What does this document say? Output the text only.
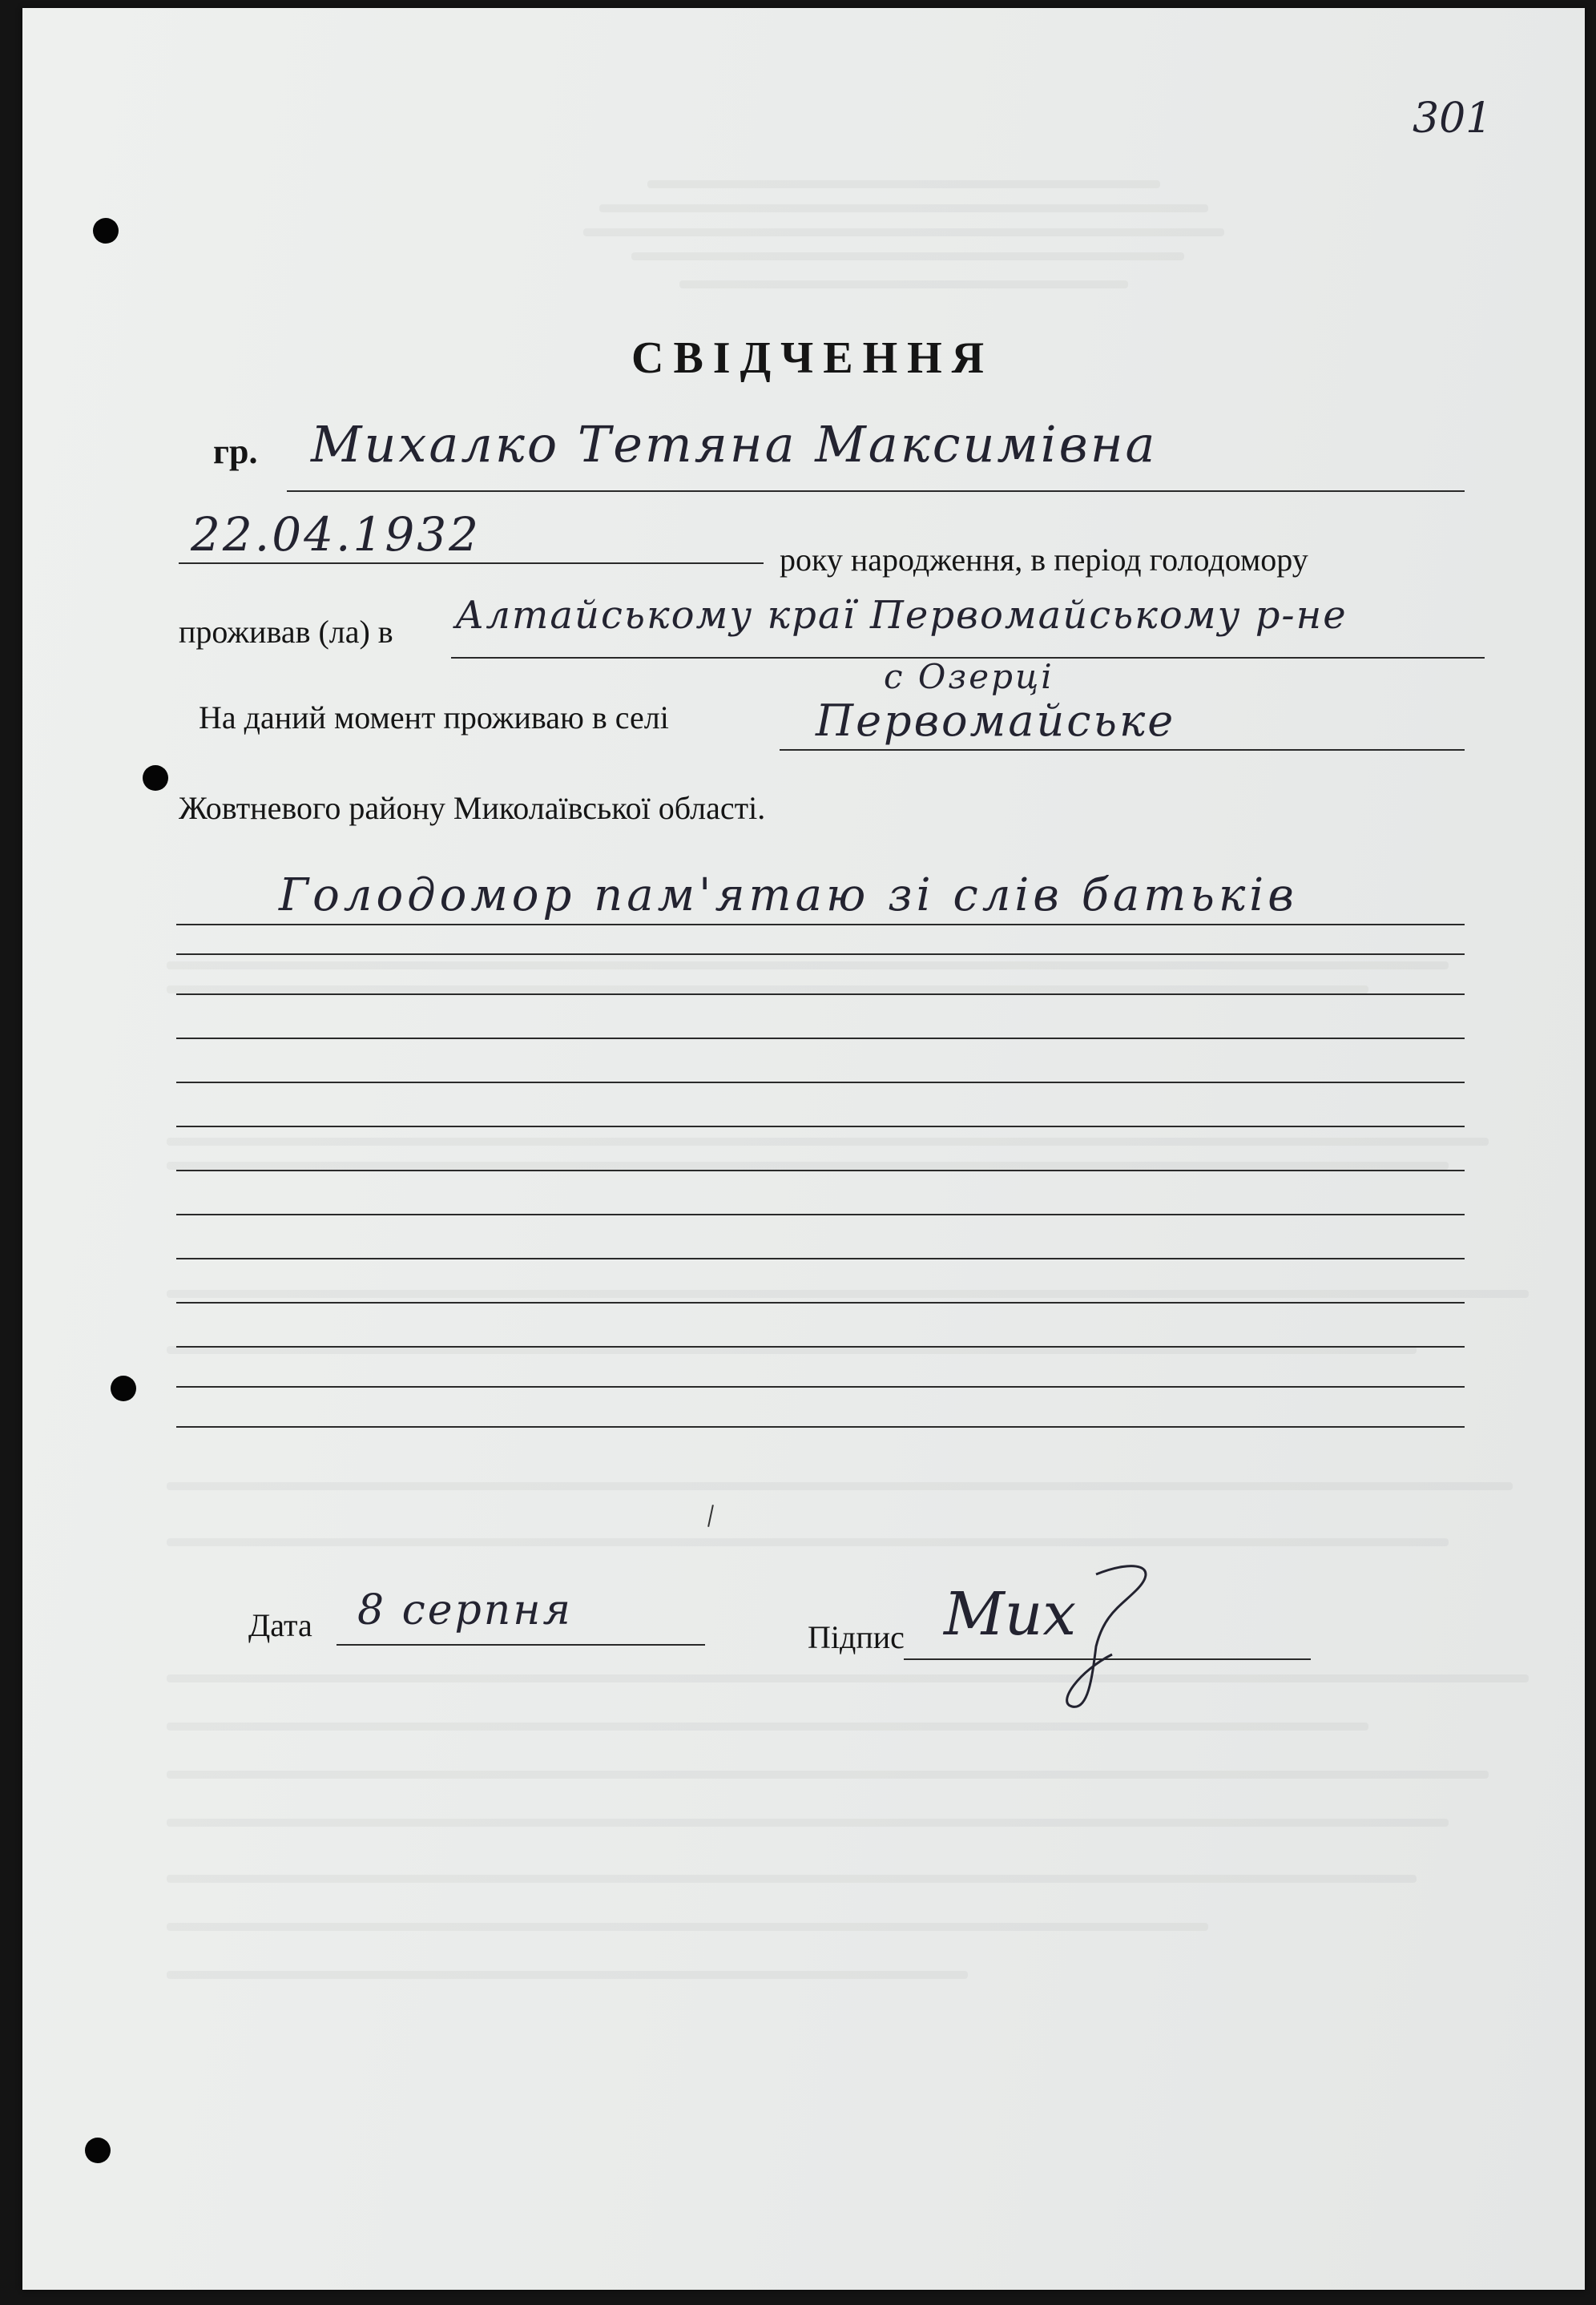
301
СВІДЧЕННЯ
гр. Михалко Тетяна Максимівна
22.04.1932	року народження, в період голодомору
проживав (ла) в Алтайському краї Первомайському р-не
с Озерці
На даний момент проживаю в селі	Первомайське
Жовтневого району Миколаївської області.
Голодомор пам'ятаю зі слів батьків
Дата 8 серпня
Підпис Мих
